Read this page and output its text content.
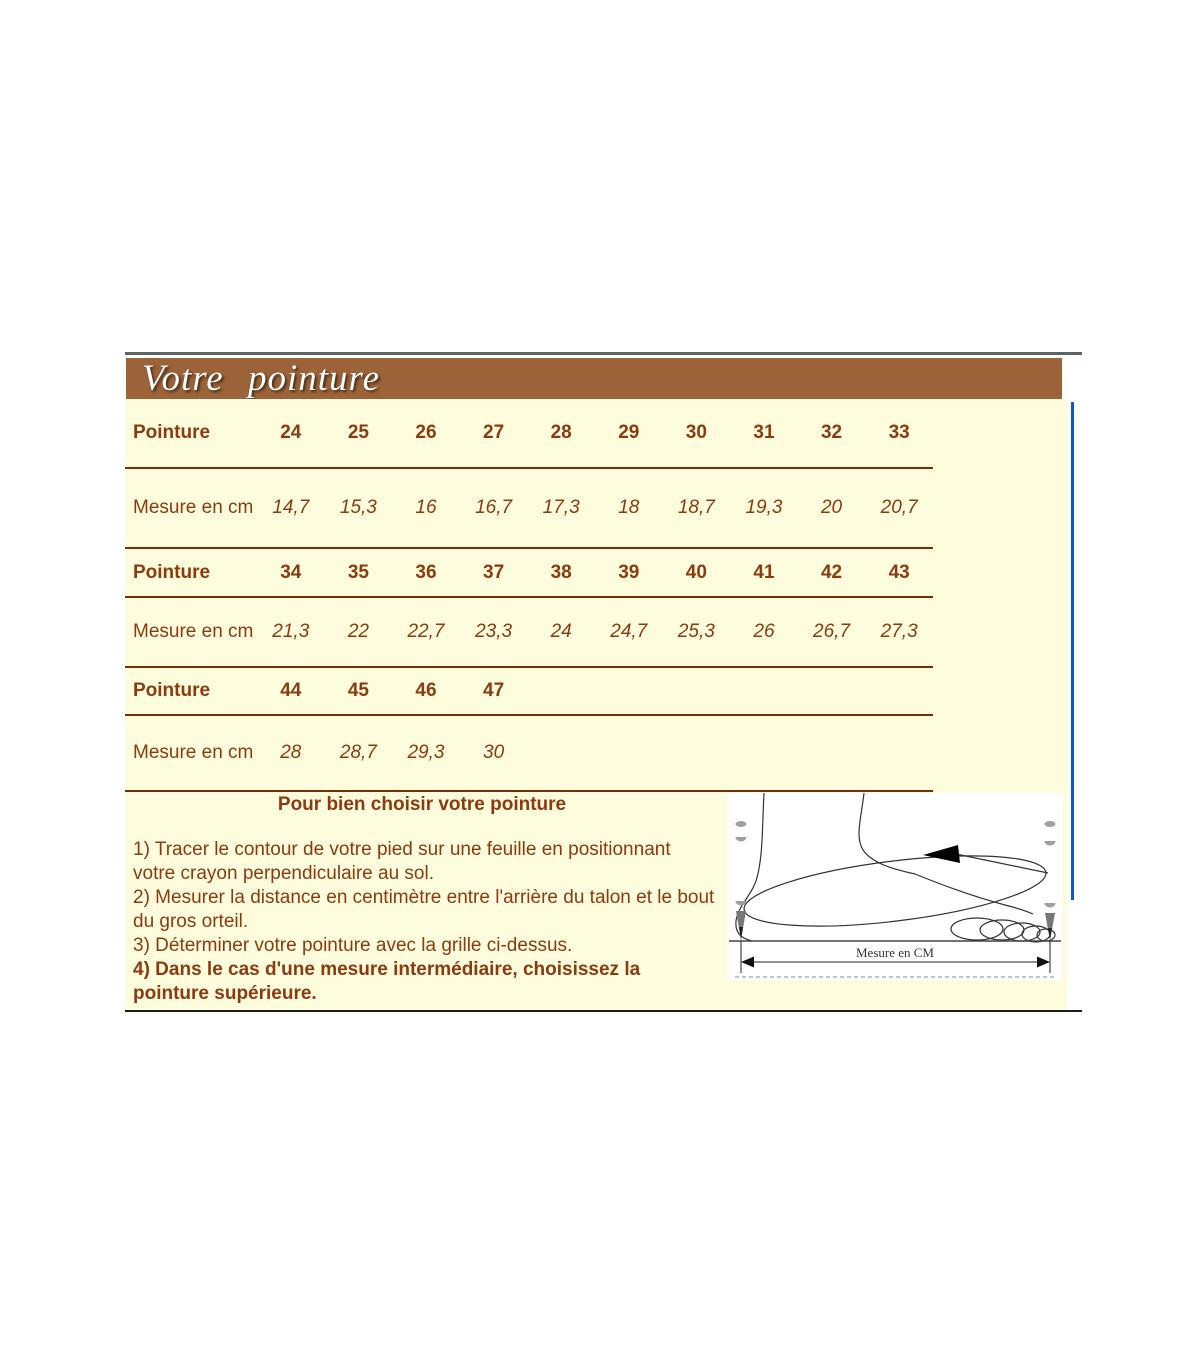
Votre pointure
Pointure	24	25	26	27	28	29	30	31	32	33
Mesure en cm	14,7	15,3	16	16,7	17,3	18	18,7	19,3	20	20,7
Pointure	34	35	36	37	38	39	40	41	42	43
Mesure en cm	21,3	22	22,7	23,3	24	24,7	25,3	26	26,7	27,3
Pointure	44	45	46	47						
Mesure en cm	28	28,7	29,3	30						
Pour bien choisir votre pointure
1) Tracer le contour de votre pied sur une feuille en positionnant votre crayon perpendiculaire au sol.
2) Mesurer la distance en centimètre entre l'arrière du talon et le bout du gros orteil.
3) Déterminer votre pointure avec la grille ci-dessus.
4) Dans le cas d'une mesure intermédiaire, choisissez la pointure supérieure.
Mesure en CM
